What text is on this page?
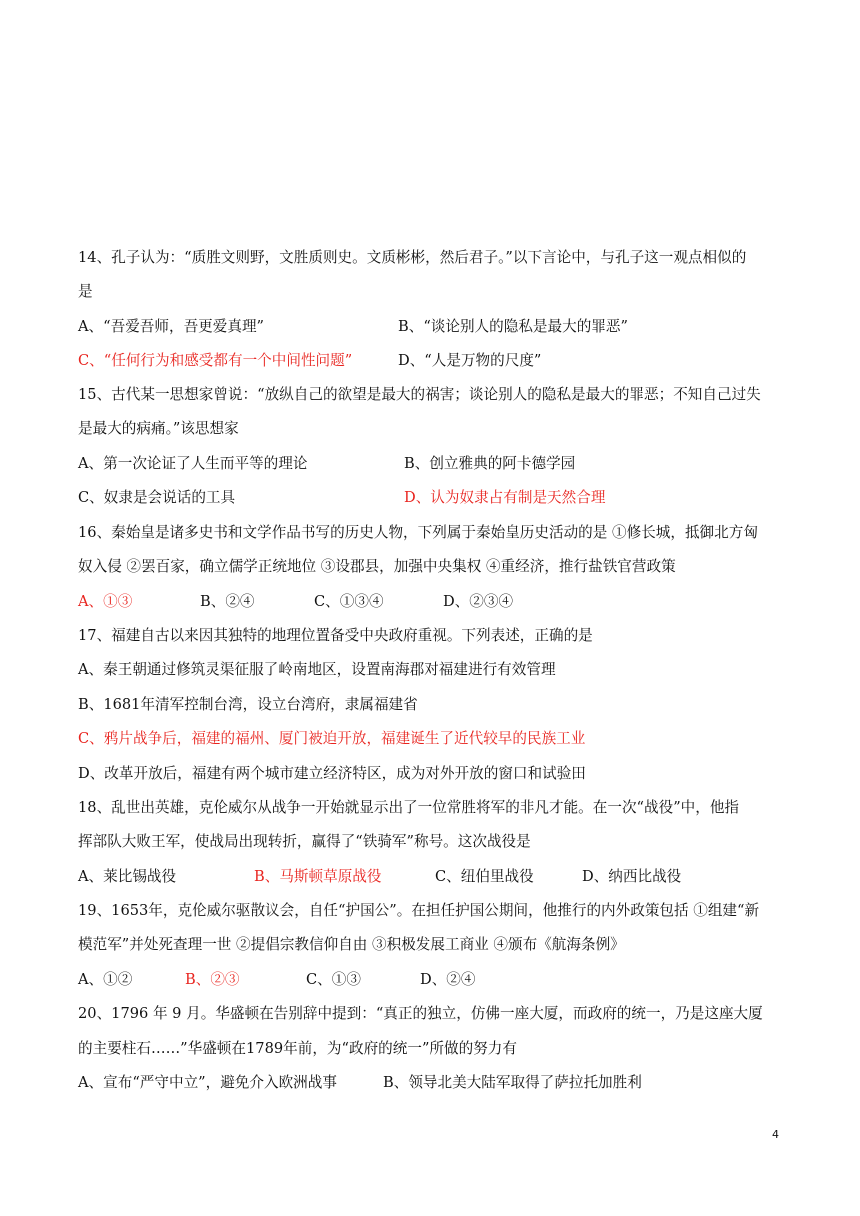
14、孔子认为：“质胜文则野，文胜质则史。文质彬彬，然后君子。”以下言论中，与孔子这一观点相似的
是
A、“吾爱吾师，吾更爱真理”	B、“谈论别人的隐私是最大的罪恶”
C、“任何行为和感受都有一个中间性问题”	D、“人是万物的尺度”
15、古代某一思想家曾说：“放纵自己的欲望是最大的祸害；谈论别人的隐私是最大的罪恶；不知自己过失
是最大的病痛。”该思想家
A、第一次论证了人生而平等的理论	B、创立雅典的阿卡德学园
C、奴隶是会说话的工具	D、认为奴隶占有制是天然合理
16、秦始皇是诸多史书和文学作品书写的历史人物，下列属于秦始皇历史活动的是 ①修长城，抵御北方匈
奴入侵 ②罢百家，确立儒学正统地位 ③设郡县，加强中央集权 ④重经济，推行盐铁官营政策
A、①③	B、②④	C、①③④	D、②③④
17、福建自古以来因其独特的地理位置备受中央政府重视。下列表述，正确的是
A、秦王朝通过修筑灵渠征服了岭南地区，设置南海郡对福建进行有效管理
B、1681年清军控制台湾，设立台湾府，隶属福建省
C、鸦片战争后，福建的福州、厦门被迫开放，福建诞生了近代较早的民族工业
D、改革开放后，福建有两个城市建立经济特区，成为对外开放的窗口和试验田
18、乱世出英雄，克伦威尔从战争一开始就显示出了一位常胜将军的非凡才能。在一次“战役”中，他指
挥部队大败王军，使战局出现转折，赢得了“铁骑军”称号。这次战役是
A、莱比锡战役	B、马斯顿草原战役	C、纽伯里战役	D、纳西比战役
19、1653年，克伦威尔驱散议会，自任“护国公”。在担任护国公期间，他推行的内外政策包括 ①组建“新
模范军”并处死查理一世 ②提倡宗教信仰自由 ③积极发展工商业 ④颁布《航海条例》
A、①②	B、②③	C、①③	D、②④
20、1796 年 9 月。华盛顿在告别辞中提到：“真正的独立，仿佛一座大厦，而政府的统一，乃是这座大厦
的主要柱石……”华盛顿在1789年前，为“政府的统一”所做的努力有
A、宣布“严守中立”，避免介入欧洲战事	B、领导北美大陆军取得了萨拉托加胜利
4
